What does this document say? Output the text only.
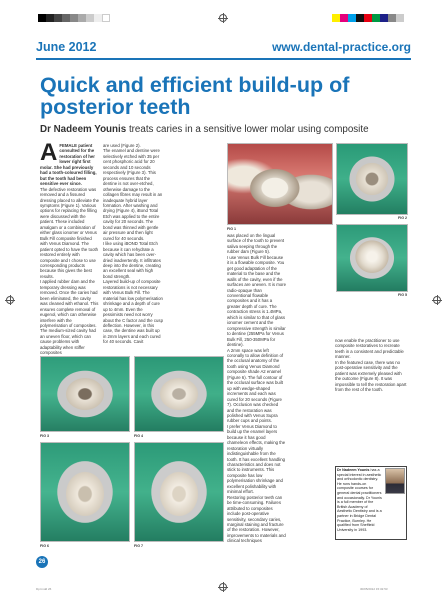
June 2012	www.dental-practice.org
Quick and efficient build-up of posterior teeth
Dr Nadeem Younis treats caries in a sensitive lower molar using composite
A FEMALE patient consulted for the restoration of her lower right first molar. She had previously had a tooth-coloured filling, but the tooth had been sensitive ever since.

The defective restoration was removed and a fissured dressing placed to alleviate the symptoms (Figure 1). Various options for replacing the filling were discussed with the patient. These included amalgam or a combination of either glass ionomer or Venus Bulk Fill composite finished with Venus Diamond. The patient opted to have the tooth restored entirely with composite and I chose to use corresponding products because this gives the best results.

I applied rubber dam and the temporary dressing was removed. Once the caries had been eliminated, the cavity was cleaned with ethanol. This ensures complete removal of eugenol, which can otherwise interfere with the polymerisation of composites. The medium-sized cavity had an uneven floor, which can cause problems with adaptability when stiffer composites

are used (Figure 2).

The enamel and dentine were selectively etched with 35 per cent phosphoric acid for 20 seconds and 10 seconds respectively (Figure 3). This process ensures that the dentine is not over-etched, otherwise damage to the collagen fibres may result in an inadequate hybrid layer formation. After washing and drying (Figure 4), iBond Total Etch was applied to the entire cavity for 20 seconds. The bond was thinned with gentle air pressure and then light cured for 40 seconds.

I like using iBOND Total Etch because it can rehydrate a cavity which has been over-dried inadvertently. It infiltrates deep into the dentine, creating an excellent seal with high bond strength.

Layered build-up of composite restorations is not necessary with Venus Bulk Fill. The material has low polymerisation shrinkage and a depth of cure up to 4mm. Even the pessimists need not worry about the C factor and the cusp deflection. However, in this case, the dentine was built up in 2mm layers and each cured for 40 seconds. Cavit

was placed on the lingual surface of the tooth to prevent saliva seeping through the rubber dam (Figure 5).

I use Venus Bulk Fill because it is a flowable composite. You get good adaptation of the material to the base and the walls of the cavity, even if the surfaces are uneven. It is more radio-opaque than conventional flowable composites and it has a greater depth of cure. The contraction stress is 1.4MPa, which is similar to that of glass ionomer cement and the compressive strength is similar to dentine (255MPa for Venus Bulk Fill, 250-350MPa for dentine).

A 2mm space was left coronally to allow definition of the occlusal anatomy of the tooth using Venus Diamond composite shade A2 enamel (Figure 6). The full contour of the occlusal surface was built up with wedge-shaped increments and each was cured for 20 seconds (Figure 7). Occlusion was checked and the restoration was polished with Venus Supra rubber cups and points.

I prefer Venus Diamond to build up the enamel layers because it has good chameleon effects, making the restoration virtually indistinguishable from the tooth. It has excellent handling characteristics and does not stick to instruments. This composite has low polymerisation shrinkage and excellent polishability with minimal effort.

Restoring posterior teeth can be time-consuming. Failures attributed to composites include post-operative sensitivity, secondary caries, marginal staining and fracture of the restoration. However, improvements to materials and clinical techniques

now enable the practitioner to use composite restoratives to recreate teeth in a consistent and predictable manner.

In the featured case, there was no post-operative sensitivity and the patient was extremely pleased with the outcome (Figure 8). It was impossible to tell the restoration apart from the rest of the tooth.

FIG 1
FIG 2
FIG 5
FIG 3	FIG 4
FIG 6	FIG 7
Dr Nadeem Younis has a special interest in aesthetic and orthodontic dentistry. He runs hands-on composite courses for general dental practitioners and occasionally. Dr Younis is a full member of the British Academy of Aesthetic Dentistry and is a partner in Bridge Dental Practice, Burnley. He qualified from Sheffield University in 1993.
26
Dpr.indd 26	30/05/2012 15:32:53
